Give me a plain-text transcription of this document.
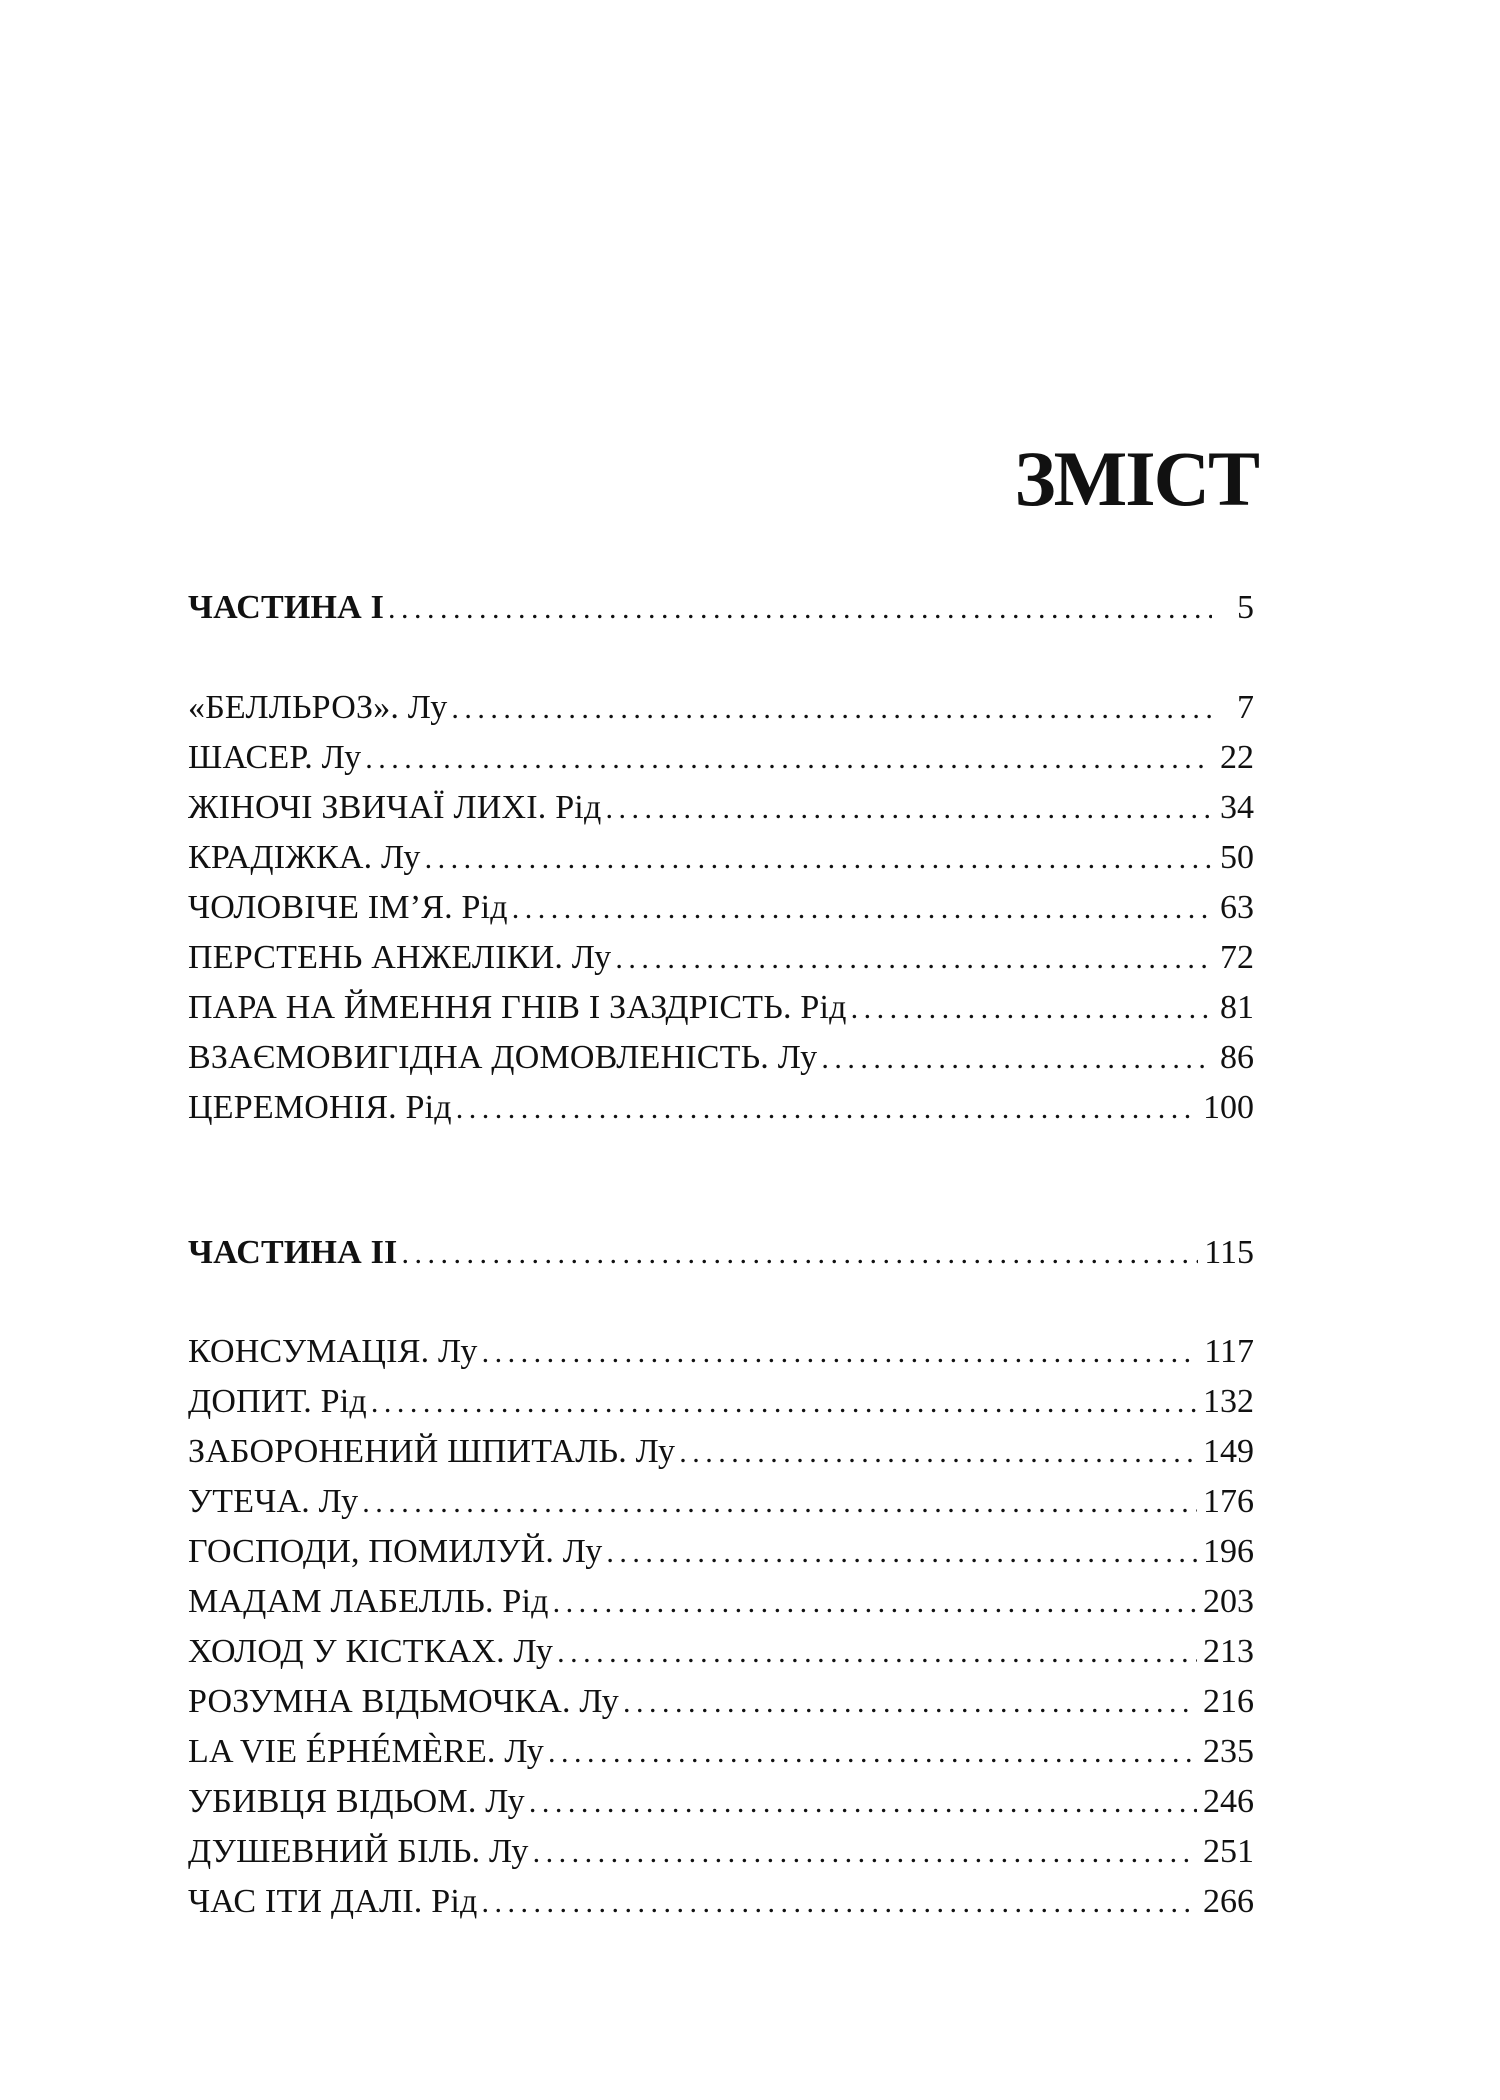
ЗМІСТ
ЧАСТИНА І .....	5
«БЕЛЛЬРОЗ». Лу .....	7
ШАСЕР. Лу .....	22
ЖІНОЧІ ЗВИЧАЇ ЛИХІ. Рід .....	34
КРАДІЖКА. Лу .....	50
ЧОЛОВІЧЕ ІМ’Я. Рід .....	63
ПЕРСТЕНЬ АНЖЕЛІКИ. Лу .....	72
ПАРА НА ЙМЕННЯ ГНІВ І ЗАЗДРІСТЬ. Рід .....	81
ВЗАЄМОВИГІДНА ДОМОВЛЕНІСТЬ. Лу .....	86
ЦЕРЕМОНІЯ. Рід .....	100
ЧАСТИНА ІІ .....	115
КОНСУМАЦІЯ. Лу .....	117
ДОПИТ. Рід .....	132
ЗАБОРОНЕНИЙ ШПИТАЛЬ. Лу .....	149
УТЕЧА. Лу .....	176
ГОСПОДИ, ПОМИЛУЙ. Лу .....	196
МАДАМ ЛАБЕЛЛЬ. Рід .....	203
ХОЛОД У КІСТКАХ. Лу .....	213
РОЗУМНА ВІДЬМОЧКА. Лу .....	216
LA VIE ÉPHÉMÈRE. Лу .....	235
УБИВЦЯ ВІДЬОМ. Лу .....	246
ДУШЕВНИЙ БІЛЬ. Лу .....	251
ЧАС ІТИ ДАЛІ. Рід .....	266
